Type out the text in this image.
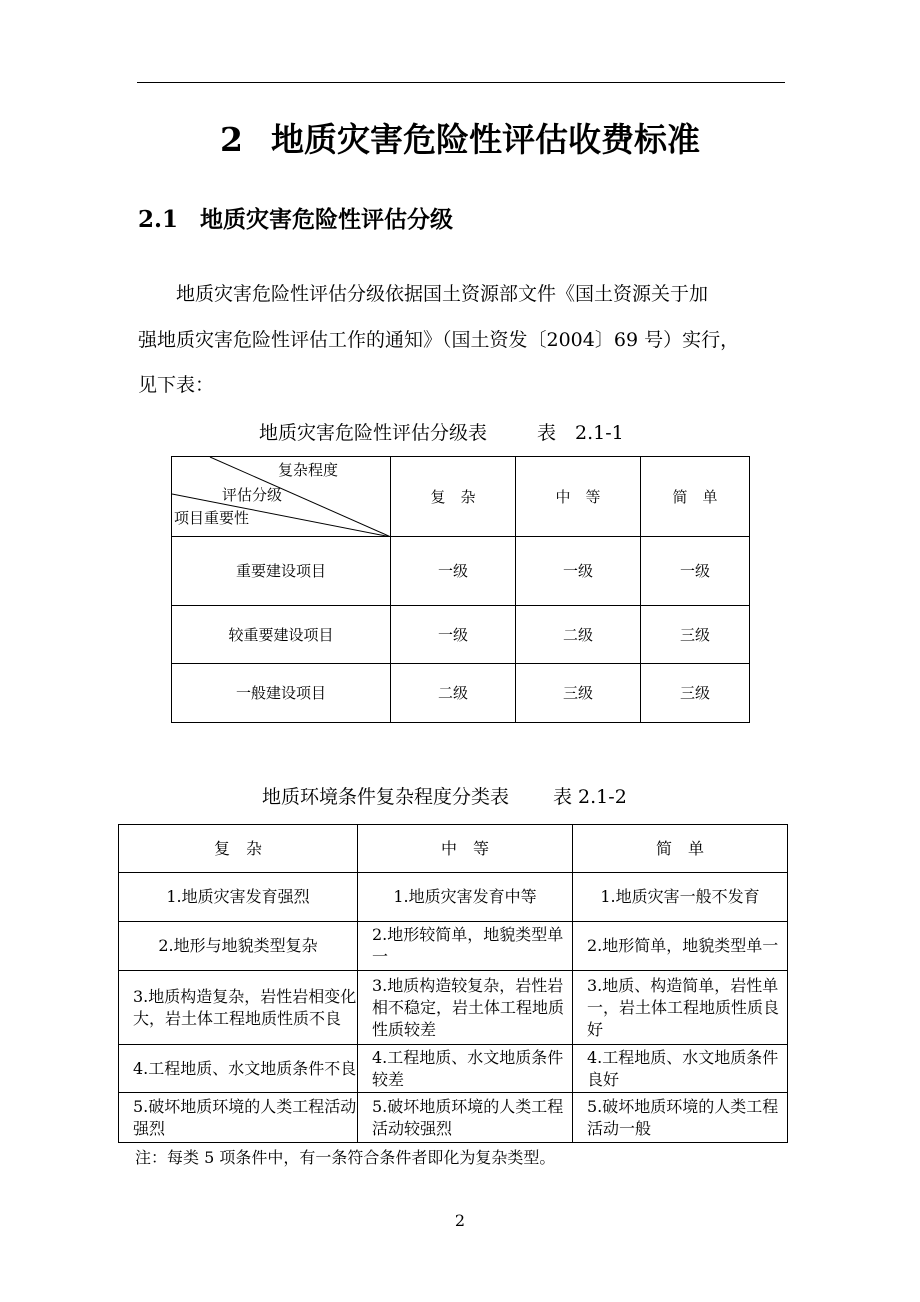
2 地质灾害危险性评估收费标准
2.1 地质灾害危险性评估分级

地质灾害危险性评估分级依据国土资源部文件《国土资源关于加

强地质灾害危险性评估工作的通知》（国土资发〔2004〕69 号）实行，

见下表：

地质灾害危险性评估分级表	表　2.1-1
复杂程度
评估分级
项目重要性	复　杂	中　等	简　单
重要建设项目	一级	一级	一级
较重要建设项目	一级	二级	三级
一般建设项目	二级	三级	三级
地质环境条件复杂程度分类表 表 2.1-2
复　杂	中　等	简　单
1.地质灾害发育强烈	1.地质灾害发育中等	1.地质灾害一般不发育
2.地形与地貌类型复杂	2.地形较简单，地貌类型单一	2.地形简单，地貌类型单一
3.地质构造复杂，岩性岩相变化大，岩土体工程地质性质不良	3.地质构造较复杂，岩性岩相不稳定，岩土体工程地质性质较差	3.地质、构造简单，岩性单一，岩土体工程地质性质良好
4.工程地质、水文地质条件不良	4.工程地质、水文地质条件较差	4.工程地质、水文地质条件良好
5.破坏地质环境的人类工程活动强烈	5.破坏地质环境的人类工程活动较强烈	5.破坏地质环境的人类工程活动一般
注：每类 5 项条件中，有一条符合条件者即化为复杂类型。
2
